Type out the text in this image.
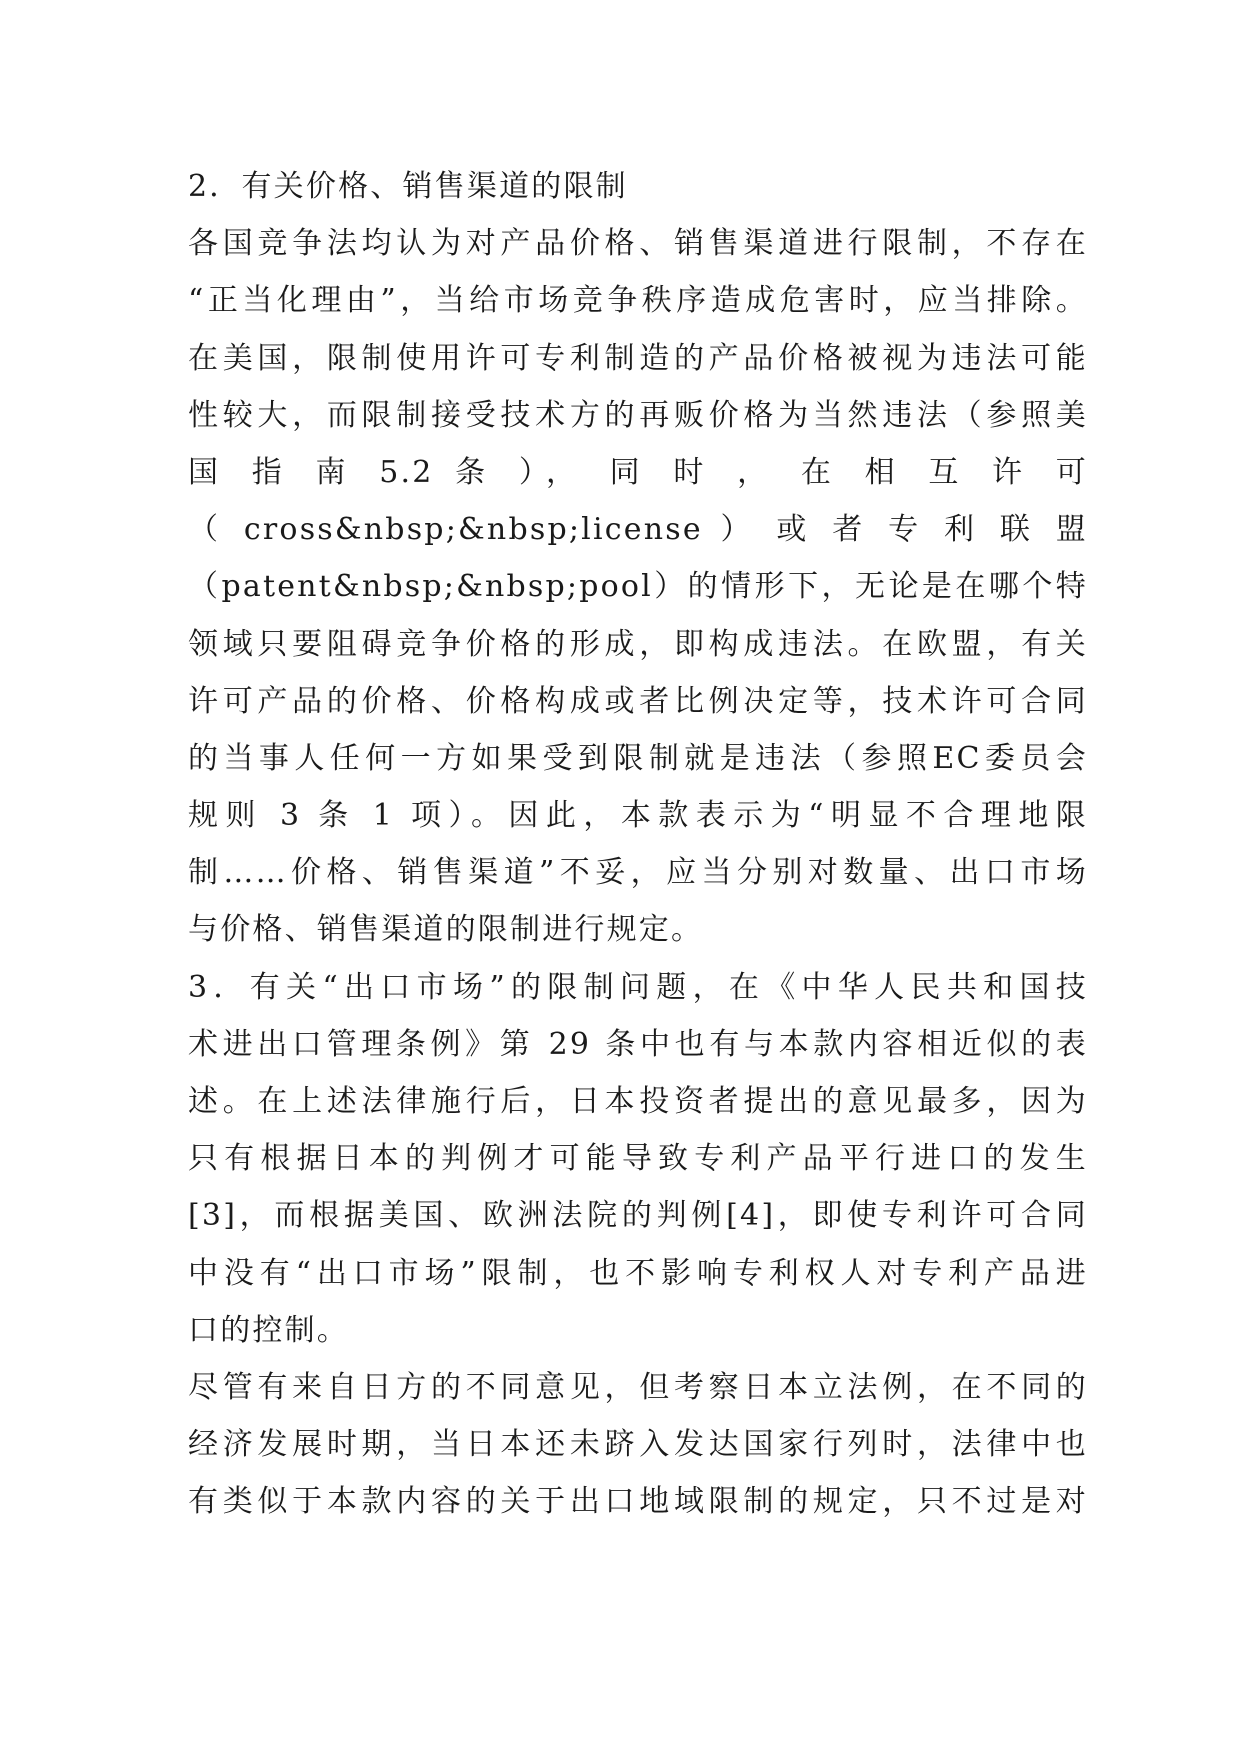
2．有关价格、销售渠道的限制
各国竞争法均认为对产品价格、销售渠道进行限制，不存在
“正当化理由”，当给市场竞争秩序造成危害时，应当排除。
在美国，限制使用许可专利制造的产品价格被视为违法可能
性较大，而限制接受技术方的再贩价格为当然违法（参照美
国 指 南 5.2 条 ）， 同 时 ， 在 相 互 许 可
（ cross&nbsp;&nbsp;license ） 或 者 专 利 联 盟
（patent&nbsp;&nbsp;pool）的情形下，无论是在哪个特
领域只要阻碍竞争价格的形成，即构成违法。在欧盟，有关
许可产品的价格、价格构成或者比例决定等，技术许可合同
的当事人任何一方如果受到限制就是违法（参照EC委员会
规则 3 条 1 项）。因此，本款表示为“明显不合理地限
制……价格、销售渠道”不妥，应当分别对数量、出口市场
与价格、销售渠道的限制进行规定。
3．有关“出口市场”的限制问题，在《中华人民共和国技
术进出口管理条例》第 29 条中也有与本款内容相近似的表
述。在上述法律施行后，日本投资者提出的意见最多，因为
只有根据日本的判例才可能导致专利产品平行进口的发生
[3]，而根据美国、欧洲法院的判例[4]，即使专利许可合同
中没有“出口市场”限制，也不影响专利权人对专利产品进
口的控制。
尽管有来自日方的不同意见，但考察日本立法例，在不同的
经济发展时期，当日本还未跻入发达国家行列时，法律中也
有类似于本款内容的关于出口地域限制的规定，只不过是对
